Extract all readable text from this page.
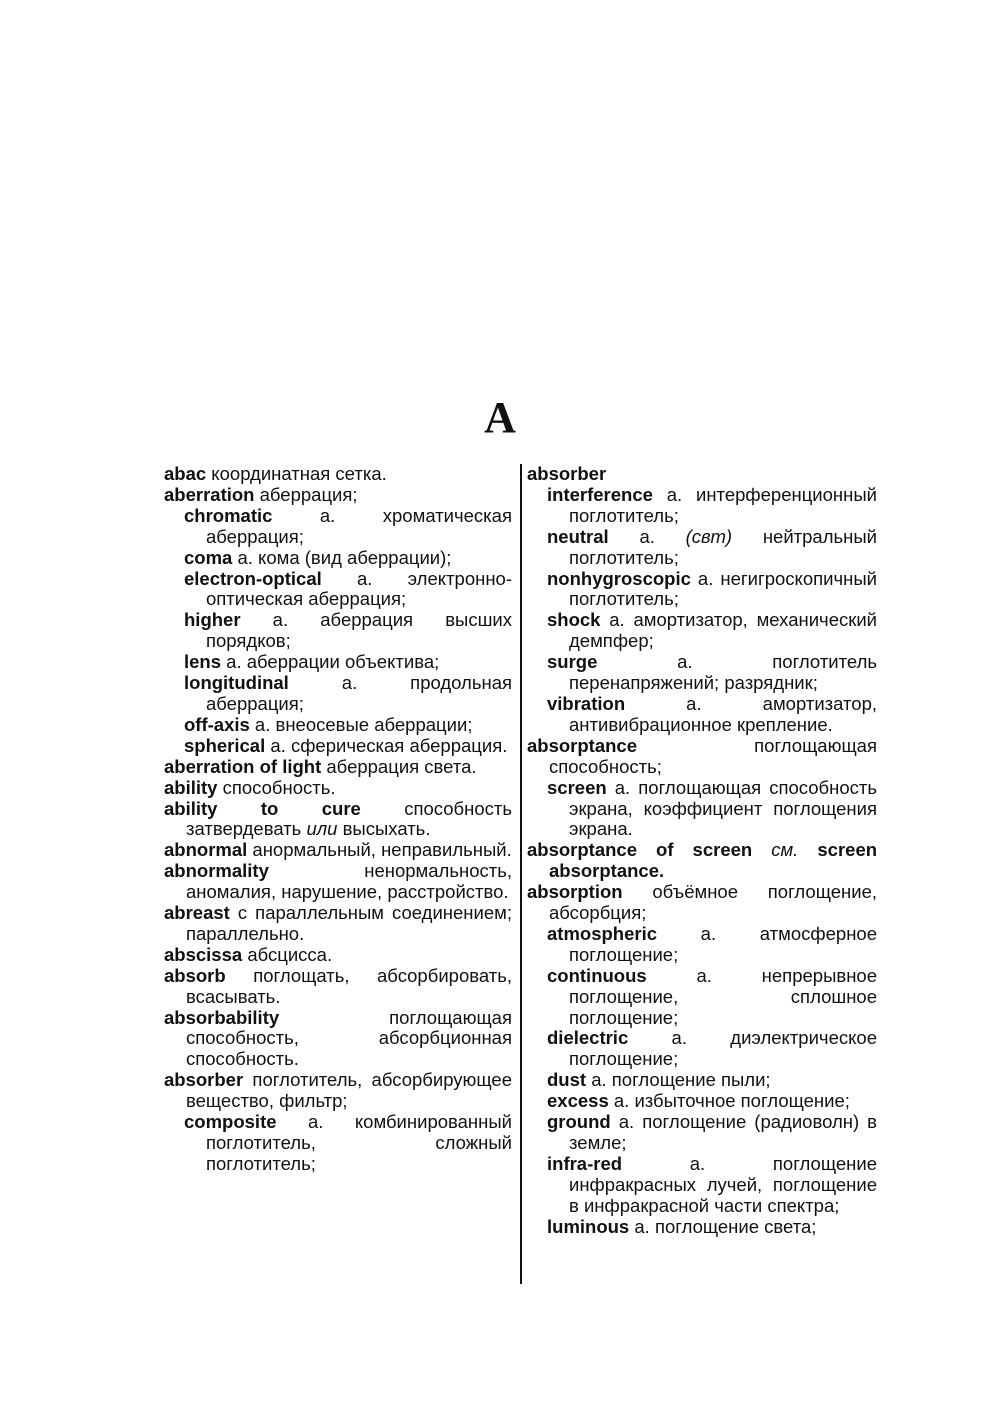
A
abac координатная сетка.
aberration аберрация;
chromatic a. хроматическая аберрация;
coma a. кома (вид аберрации);
electron-optical a. электронно-оптическая аберрация;
higher a. аберрация высших порядков;
lens a. аберрации объектива;
longitudinal a. продольная аберрация;
off-axis a. внеосевые аберрации;
spherical a. сферическая аберрация.
aberration of light аберрация света.
ability способность.
ability to cure способность затвердевать или высыхать.
abnormal анормальный, неправильный.
abnormality ненормальность, аномалия, нарушение, расстройство.
abreast с параллельным соединением; параллельно.
abscissa абсцисса.
absorb поглощать, абсорбировать, всасывать.
absorbability поглощающая способность, абсорбционная способность.
absorber поглотитель, абсорбирующее вещество, фильтр;
composite a. комбинированный поглотитель, сложный поглотитель;
absorber
interference a. интерференционный поглотитель;
neutral a. (свт) нейтральный поглотитель;
nonhygroscopic a. негигроскопичный поглотитель;
shock a. амортизатор, механический демпфер;
surge a. поглотитель перенапряжений; разрядник;
vibration a. амортизатор, антивибрационное крепление.
absorptance поглощающая способность;
screen a. поглощающая способность экрана, коэффициент поглощения экрана.
absorptance of screen см. screen absorptance.
absorption объёмное поглощение, абсорбция;
atmospheric a. атмосферное поглощение;
continuous a. непрерывное поглощение, сплошное поглощение;
dielectric a. диэлектрическое поглощение;
dust a. поглощение пыли;
excess a. избыточное поглощение;
ground a. поглощение (радиоволн) в земле;
infra-red a. поглощение инфракрасных лучей, поглощение в инфракрасной части спектра;
luminous a. поглощение света;
